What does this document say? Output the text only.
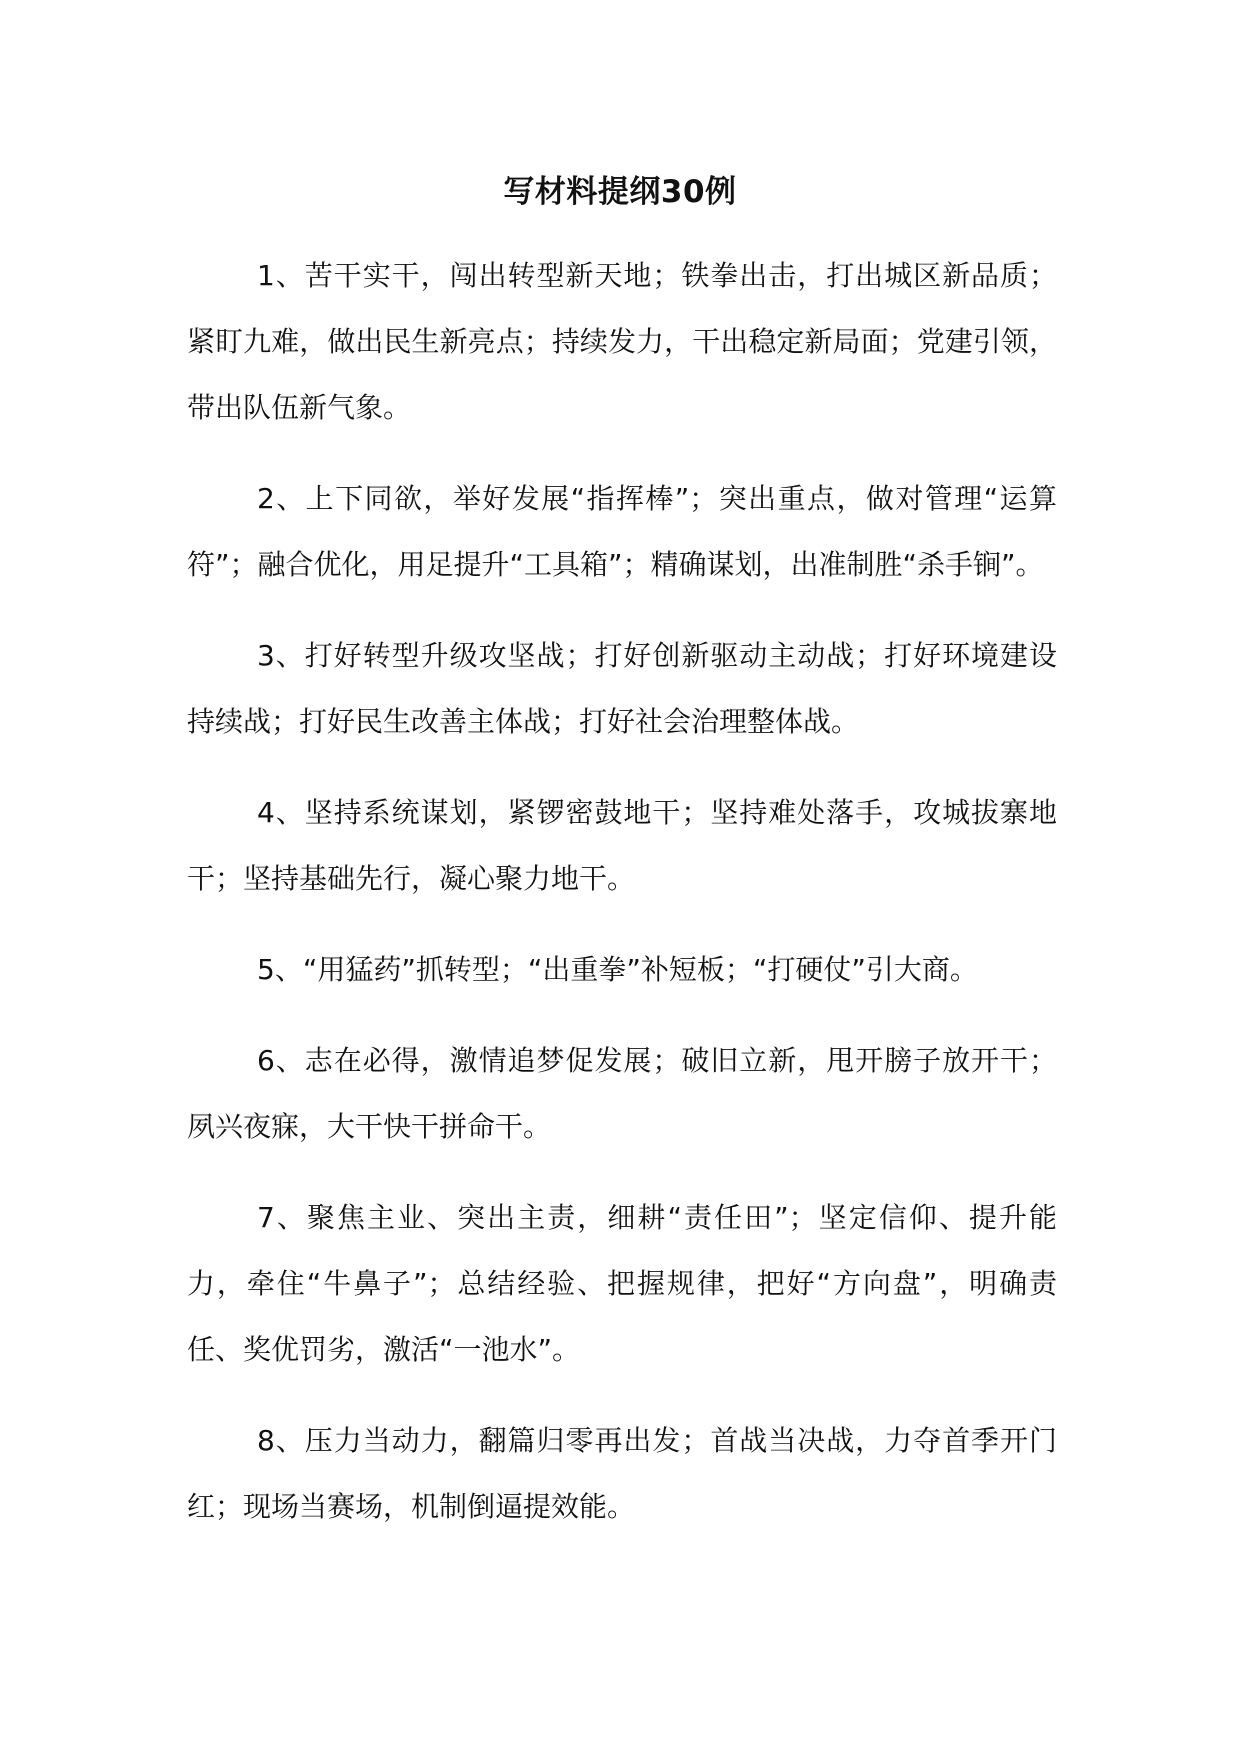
写材料提纲30例

1、苦干实干，闯出转型新天地；铁拳出击，打出城区新品质；紧盯九难，做出民生新亮点；持续发力，干出稳定新局面；党建引领，带出队伍新气象。

2、上下同欲，举好发展“指挥棒”；突出重点，做对管理“运算符”；融合优化，用足提升“工具箱”；精确谋划，出准制胜“杀手锏”。

3、打好转型升级攻坚战；打好创新驱动主动战；打好环境建设持续战；打好民生改善主体战；打好社会治理整体战。

4、坚持系统谋划，紧锣密鼓地干；坚持难处落手，攻城拔寨地干；坚持基础先行，凝心聚力地干。

5、“用猛药”抓转型；“出重拳”补短板；“打硬仗”引大商。

6、志在必得，激情追梦促发展；破旧立新，甩开膀子放开干；夙兴夜寐，大干快干拼命干。

7、聚焦主业、突出主责，细耕“责任田”；坚定信仰、提升能力，牵住“牛鼻子”；总结经验、把握规律，把好“方向盘”，明确责任、奖优罚劣，激活“一池水”。

8、压力当动力，翻篇归零再出发；首战当决战，力夺首季开门红；现场当赛场，机制倒逼提效能。
